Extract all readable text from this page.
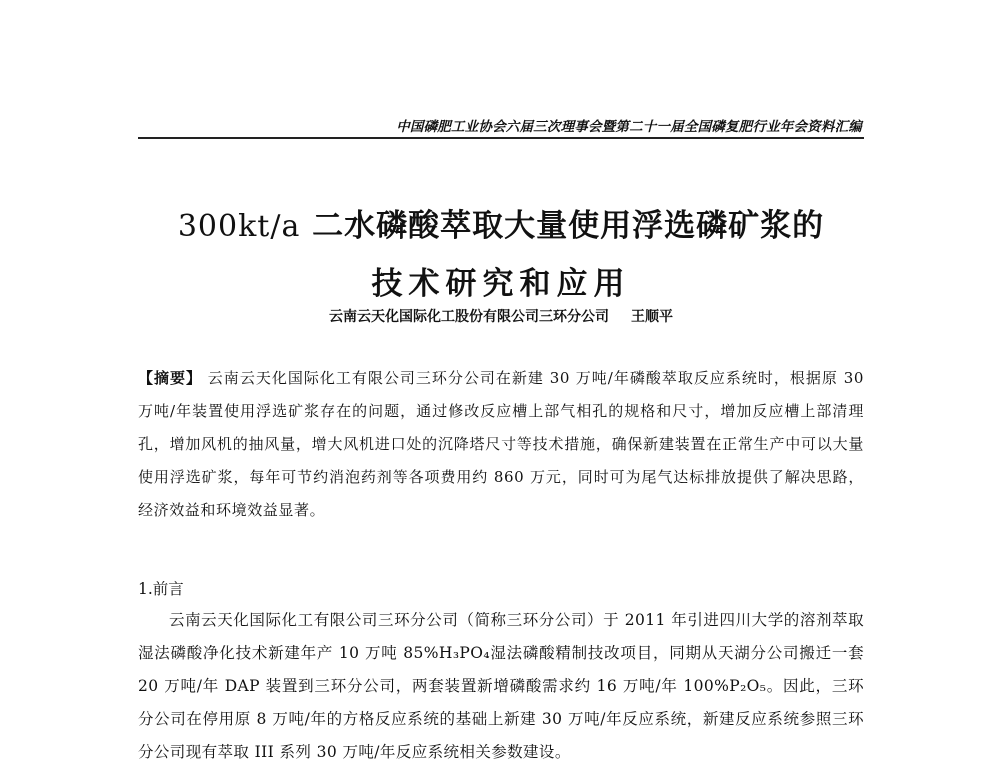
中国磷肥工业协会六届三次理事会暨第二十一届全国磷复肥行业年会资料汇编
300kt/a 二水磷酸萃取大量使用浮选磷矿浆的
技术研究和应用
云南云天化国际化工股份有限公司三环分公司 王顺平
【摘要】 云南云天化国际化工有限公司三环分公司在新建 30 万吨/年磷酸萃取反应系统时，根据原 30 万吨/年装置使用浮选矿浆存在的问题，通过修改反应槽上部气相孔的规格和尺寸，增加反应槽上部清理孔，增加风机的抽风量，增大风机进口处的沉降塔尺寸等技术措施，确保新建装置在正常生产中可以大量使用浮选矿浆，每年可节约消泡药剂等各项费用约 860 万元，同时可为尾气达标排放提供了解决思路，经济效益和环境效益显著。
1.前言
云南云天化国际化工有限公司三环分公司（简称三环分公司）于 2011 年引进四川大学的溶剂萃取湿法磷酸净化技术新建年产 10 万吨 85%H₃PO₄湿法磷酸精制技改项目，同期从天湖分公司搬迁一套 20 万吨/年 DAP 装置到三环分公司，两套装置新增磷酸需求约 16 万吨/年 100%P₂O₅。因此，三环分公司在停用原 8 万吨/年的方格反应系统的基础上新建 30 万吨/年反应系统，新建反应系统参照三环分公司现有萃取 III 系列 30 万吨/年反应系统相关参数建设。
